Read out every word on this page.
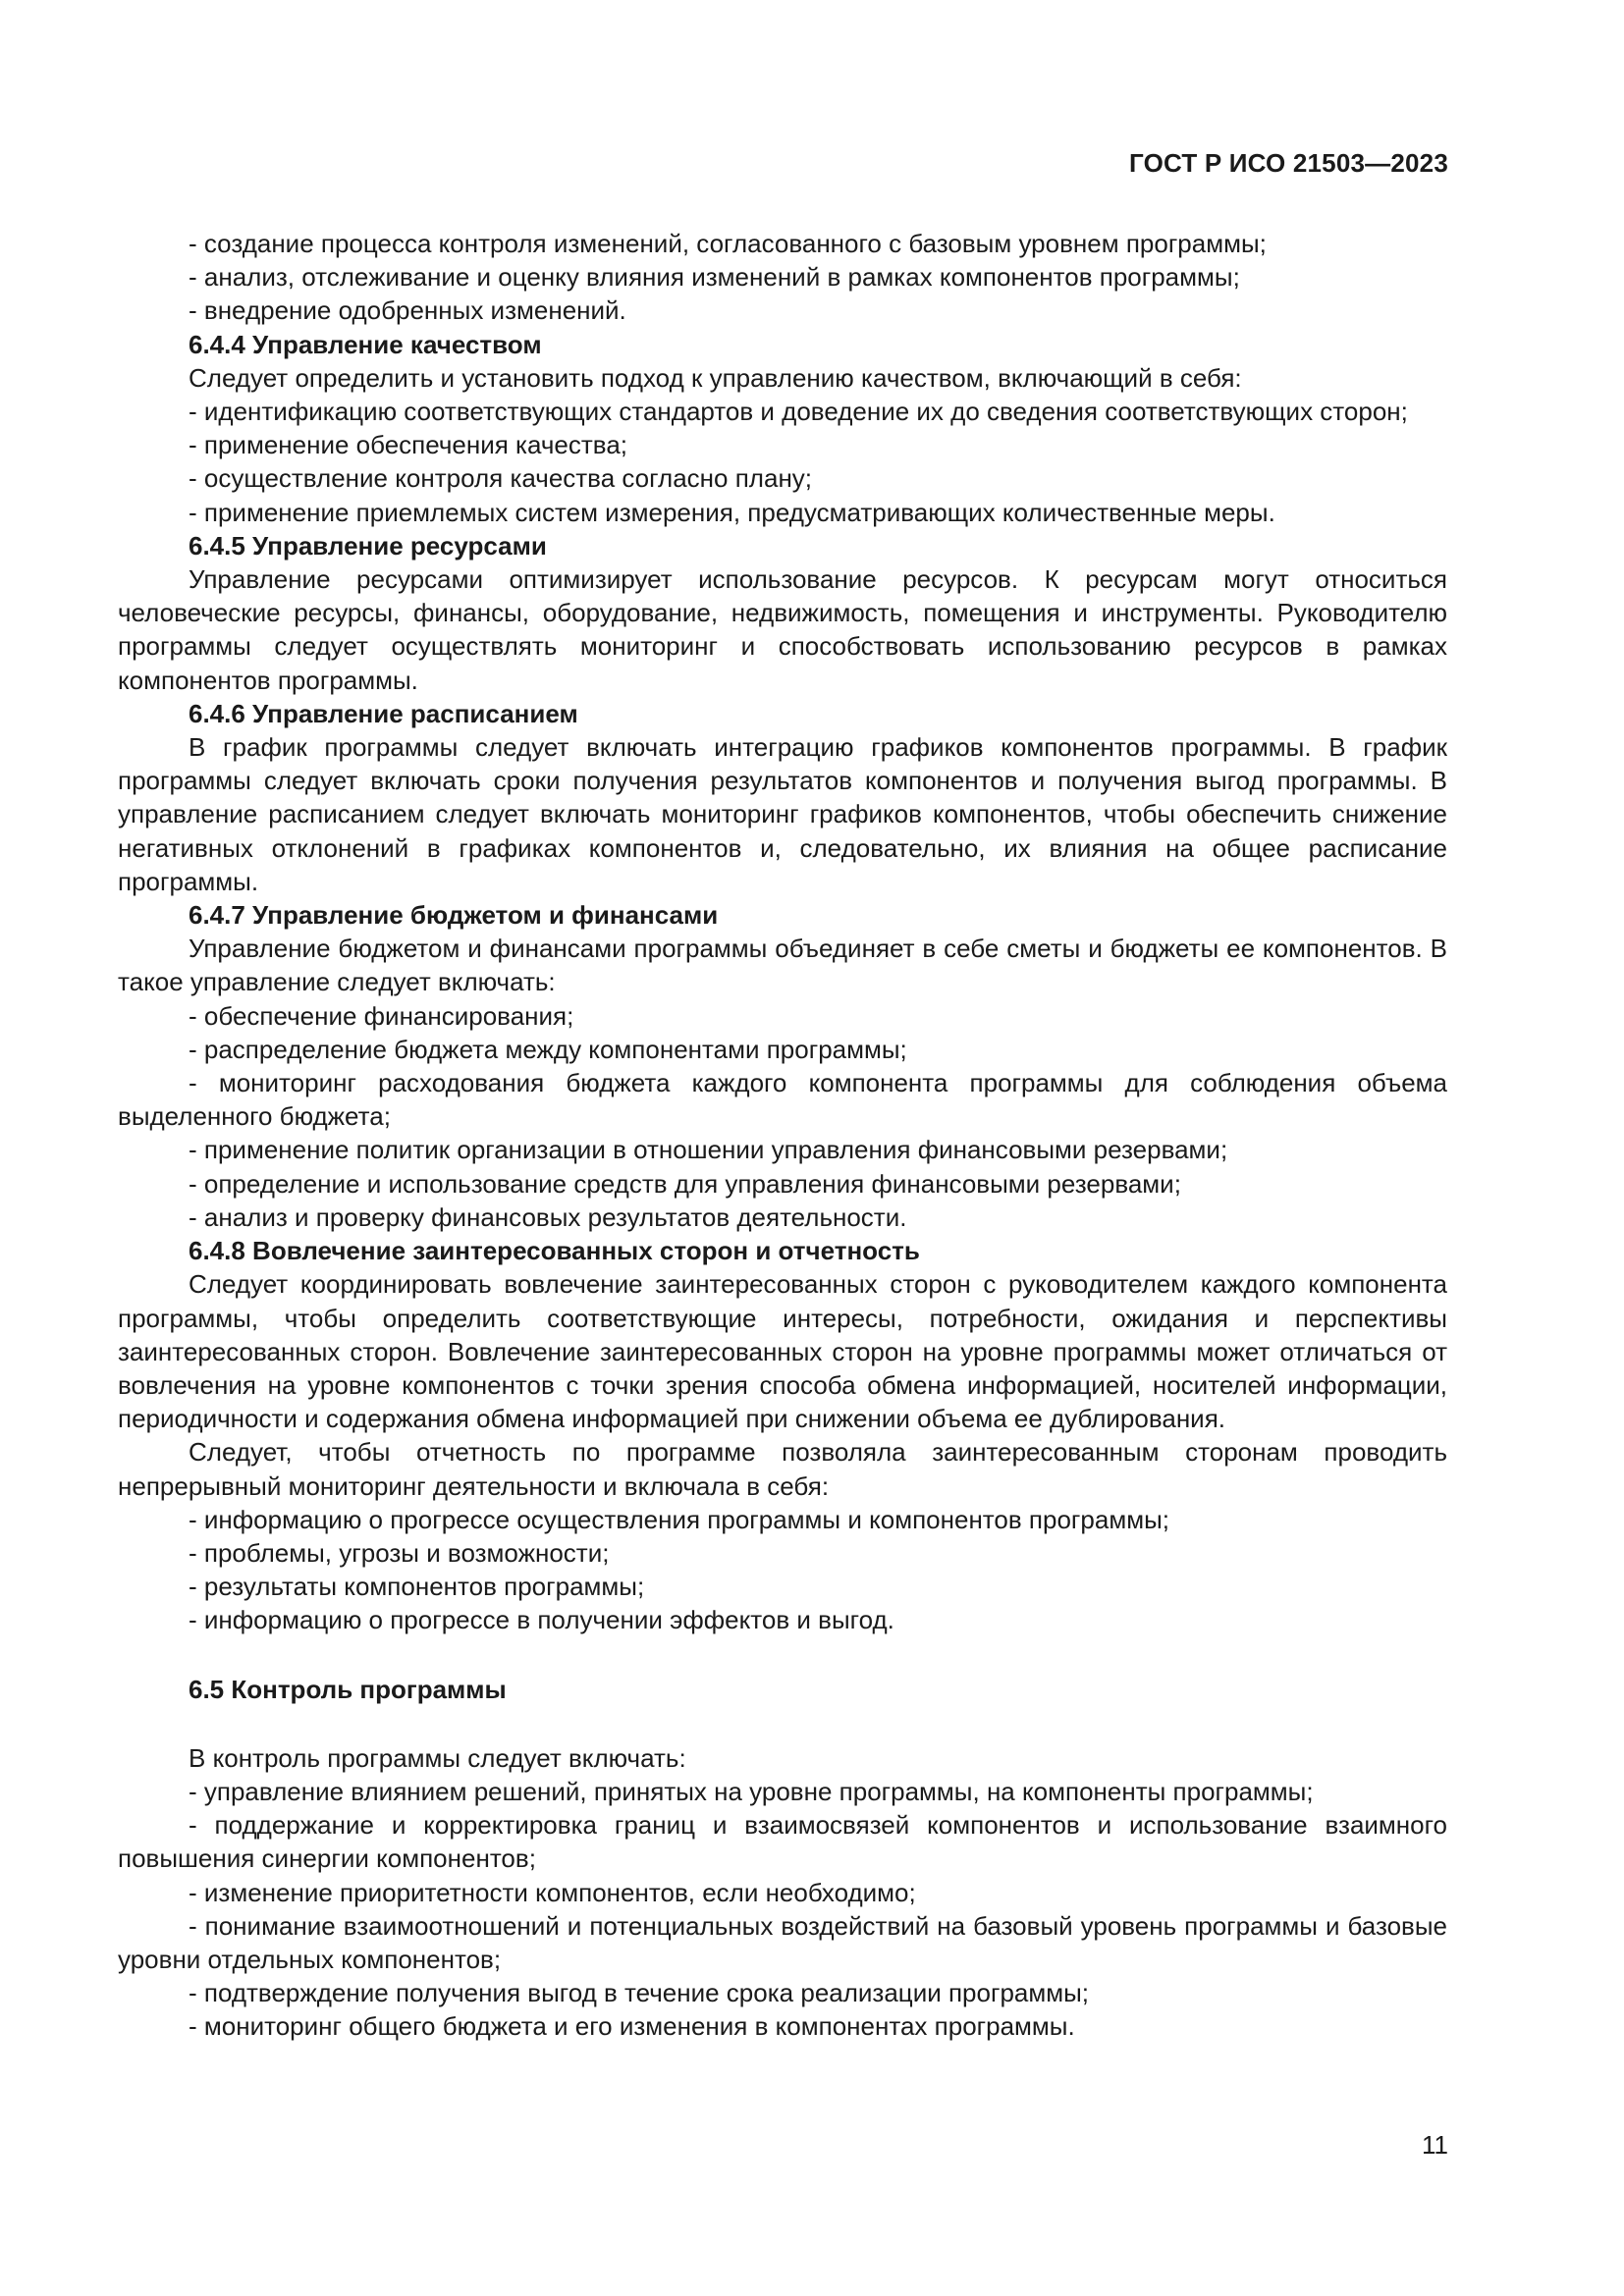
ГОСТ Р ИСО 21503—2023

- создание процесса контроля изменений, согласованного с базовым уровнем программы;

- анализ, отслеживание и оценку влияния изменений в рамках компонентов программы;

- внедрение одобренных изменений.

6.4.4 Управление качеством

Следует определить и установить подход к управлению качеством, включающий в себя:

- идентификацию соответствующих стандартов и доведение их до сведения соответствующих сторон;

- применение обеспечения качества;

- осуществление контроля качества согласно плану;

- применение приемлемых систем измерения, предусматривающих количественные меры.

6.4.5 Управление ресурсами

Управление ресурсами оптимизирует использование ресурсов. К ресурсам могут относиться человеческие ресурсы, финансы, оборудование, недвижимость, помещения и инструменты. Руководителю программы следует осуществлять мониторинг и способствовать использованию ресурсов в рамках компонентов программы.

6.4.6 Управление расписанием

В график программы следует включать интеграцию графиков компонентов программы. В график программы следует включать сроки получения результатов компонентов и получения выгод программы. В управление расписанием следует включать мониторинг графиков компонентов, чтобы обеспечить снижение негативных отклонений в графиках компонентов и, следовательно, их влияния на общее расписание программы.

6.4.7 Управление бюджетом и финансами

Управление бюджетом и финансами программы объединяет в себе сметы и бюджеты ее компонентов. В такое управление следует включать:

- обеспечение финансирования;

- распределение бюджета между компонентами программы;

- мониторинг расходования бюджета каждого компонента программы для соблюдения объема выделенного бюджета;

- применение политик организации в отношении управления финансовыми резервами;

- определение и использование средств для управления финансовыми резервами;

- анализ и проверку финансовых результатов деятельности.

6.4.8 Вовлечение заинтересованных сторон и отчетность

Следует координировать вовлечение заинтересованных сторон с руководителем каждого компонента программы, чтобы определить соответствующие интересы, потребности, ожидания и перспективы заинтересованных сторон. Вовлечение заинтересованных сторон на уровне программы может отличаться от вовлечения на уровне компонентов с точки зрения способа обмена информацией, носителей информации, периодичности и содержания обмена информацией при снижении объема ее дублирования.

Следует, чтобы отчетность по программе позволяла заинтересованным сторонам проводить непрерывный мониторинг деятельности и включала в себя:

- информацию о прогрессе осуществления программы и компонентов программы;

- проблемы, угрозы и возможности;

- результаты компонентов программы;

- информацию о прогрессе в получении эффектов и выгод.

6.5 Контроль программы

В контроль программы следует включать:

- управление влиянием решений, принятых на уровне программы, на компоненты программы;

- поддержание и корректировка границ и взаимосвязей компонентов и использование взаимного повышения синергии компонентов;

- изменение приоритетности компонентов, если необходимо;

- понимание взаимоотношений и потенциальных воздействий на базовый уровень программы и базовые уровни отдельных компонентов;

- подтверждение получения выгод в течение срока реализации программы;

- мониторинг общего бюджета и его изменения в компонентах программы.

11
